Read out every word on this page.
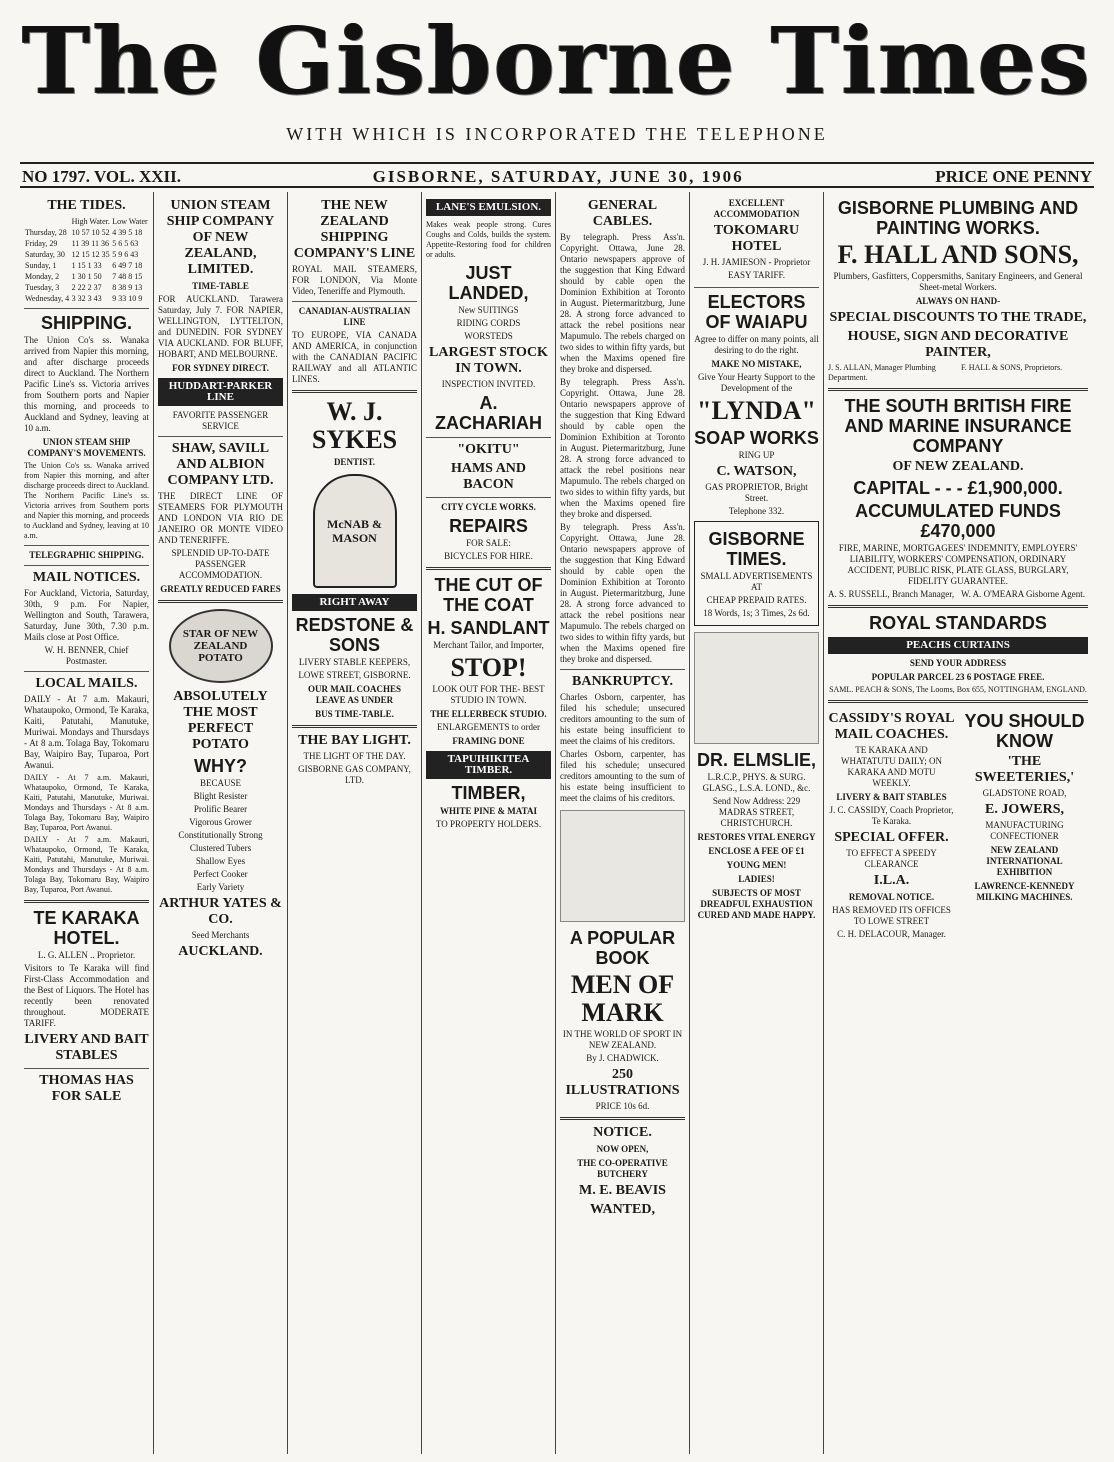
The Gisborne Times
WITH WHICH IS INCORPORATED THE TELEPHONE
NO 1797. VOL. XXII.	GISBORNE, SATURDAY, JUNE 30, 1906	PRICE ONE PENNY
THE TIDES.
	High Water.	Low Water
Thursday, 28	10 57 10 52	4 39 5 18
Friday, 29	11 39 11 36	5 6 5 63
Saturday, 30	12 15 12 35	5 9 6 43
Sunday, 1	1 15 1 33	6 49 7 18
Monday, 2	1 30 1 50	7 48 8 15
Tuesday, 3	2 22 2 37	8 38 9 13
Wednesday, 4	3 32 3 43	9 33 10 9
SHIPPING.
The Union Co's ss. Wanaka arrived from Napier this morning, and after discharge proceeds direct to Auckland. The Northern Pacific Line's ss. Victoria arrives from Southern ports and Napier this morning, and proceeds to Auckland and Sydney, leaving at 10 a.m.
UNION STEAM SHIP COMPANY'S MOVEMENTS.
The Union Co's ss. Wanaka arrived from Napier this morning, and after discharge proceeds direct to Auckland. The Northern Pacific Line's ss. Victoria arrives from Southern ports and Napier this morning, and proceeds to Auckland and Sydney, leaving at 10 a.m.
TELEGRAPHIC SHIPPING.
MAIL NOTICES.
For Auckland, Victoria, Saturday, 30th, 9 p.m. For Napier, Wellington and South, Tarawera, Saturday, June 30th, 7.30 p.m. Mails close at Post Office.
W. H. BENNER, Chief Postmaster.
LOCAL MAILS.
DAILY - At 7 a.m. Makauri, Whataupoko, Ormond, Te Karaka, Kaiti, Patutahi, Manutuke, Muriwai. Mondays and Thursdays - At 8 a.m. Tolaga Bay, Tokomaru Bay, Waipiro Bay, Tuparoa, Port Awanui.
DAILY - At 7 a.m. Makauri, Whataupoko, Ormond, Te Karaka, Kaiti, Patutahi, Manutuke, Muriwai. Mondays and Thursdays - At 8 a.m. Tolaga Bay, Tokomaru Bay, Waipiro Bay, Tuparoa, Port Awanui.
DAILY - At 7 a.m. Makauri, Whataupoko, Ormond, Te Karaka, Kaiti, Patutahi, Manutuke, Muriwai. Mondays and Thursdays - At 8 a.m. Tolaga Bay, Tokomaru Bay, Waipiro Bay, Tuparoa, Port Awanui.
TE KARAKA HOTEL.
L. G. ALLEN .. Proprietor.
Visitors to Te Karaka will find First-Class Accommodation and the Best of Liquors. The Hotel has recently been renovated throughout. MODERATE TARIFF.
LIVERY AND BAIT STABLES
THOMAS HAS FOR SALE
UNION STEAM SHIP COMPANY OF NEW ZEALAND, LIMITED.
TIME-TABLE
FOR AUCKLAND. Tarawera Saturday, July 7. FOR NAPIER, WELLINGTON, LYTTELTON, and DUNEDIN. FOR SYDNEY VIA AUCKLAND. FOR BLUFF, HOBART, AND MELBOURNE.
FOR SYDNEY DIRECT.
HUDDART-PARKER LINE
FAVORITE PASSENGER SERVICE
SHAW, SAVILL AND ALBION COMPANY LTD.
THE DIRECT LINE OF STEAMERS FOR PLYMOUTH AND LONDON VIA RIO DE JANEIRO OR MONTE VIDEO AND TENERIFFE.
SPLENDID UP-TO-DATE PASSENGER ACCOMMODATION.
GREATLY REDUCED FARES
STAR OF NEW ZEALAND POTATO
ABSOLUTELY THE MOST PERFECT POTATO
WHY?
BECAUSE
Blight Resister
Prolific Bearer
Vigorous Grower
Constitutionally Strong
Clustered Tubers
Shallow Eyes
Perfect Cooker
Early Variety
ARTHUR YATES & CO.
Seed Merchants
AUCKLAND.
THE NEW ZEALAND SHIPPING COMPANY'S LINE
ROYAL MAIL STEAMERS, FOR LONDON, Via Monte Video, Teneriffe and Plymouth.
CANADIAN-AUSTRALIAN LINE
TO EUROPE, VIA CANADA AND AMERICA, in conjunction with the CANADIAN PACIFIC RAILWAY and all ATLANTIC LINES.
W. J. SYKES
DENTIST.
McNAB & MASON
RIGHT AWAY
REDSTONE & SONS
LIVERY STABLE KEEPERS,
LOWE STREET, GISBORNE.
OUR MAIL COACHES LEAVE AS UNDER
BUS TIME-TABLE.
THE BAY LIGHT.
THE LIGHT OF THE DAY.
GISBORNE GAS COMPANY, LTD.
LANE'S EMULSION.
Makes weak people strong. Cures Coughs and Colds, builds the system. Appetite-Restoring food for children or adults.
JUST LANDED,
New SUITINGS
RIDING CORDS
WORSTEDS
LARGEST STOCK IN TOWN.
INSPECTION INVITED.
A. ZACHARIAH
"OKITU"
HAMS AND BACON
CITY CYCLE WORKS.
REPAIRS
FOR SALE:
BICYCLES FOR HIRE.
THE CUT OF THE COAT
H. SANDLANT
Merchant Tailor, and Importer,
STOP!
LOOK OUT FOR THE- BEST STUDIO IN TOWN.
THE ELLERBECK STUDIO.
ENLARGEMENTS to order
FRAMING DONE
TAPUIHIKITEA TIMBER.
TIMBER,
WHITE PINE & MATAI
TO PROPERTY HOLDERS.
GENERAL CABLES.
By telegraph. Press Ass'n. Copyright. Ottawa, June 28. Ontario newspapers approve of the suggestion that King Edward should by cable open the Dominion Exhibition at Toronto in August. Pietermaritzburg, June 28. A strong force advanced to attack the rebel positions near Mapumulo. The rebels charged on two sides to within fifty yards, but when the Maxims opened fire they broke and dispersed.
By telegraph. Press Ass'n. Copyright. Ottawa, June 28. Ontario newspapers approve of the suggestion that King Edward should by cable open the Dominion Exhibition at Toronto in August. Pietermaritzburg, June 28. A strong force advanced to attack the rebel positions near Mapumulo. The rebels charged on two sides to within fifty yards, but when the Maxims opened fire they broke and dispersed.
By telegraph. Press Ass'n. Copyright. Ottawa, June 28. Ontario newspapers approve of the suggestion that King Edward should by cable open the Dominion Exhibition at Toronto in August. Pietermaritzburg, June 28. A strong force advanced to attack the rebel positions near Mapumulo. The rebels charged on two sides to within fifty yards, but when the Maxims opened fire they broke and dispersed.
BANKRUPTCY.
Charles Osborn, carpenter, has filed his schedule; unsecured creditors amounting to the sum of his estate being insufficient to meet the claims of his creditors.
Charles Osborn, carpenter, has filed his schedule; unsecured creditors amounting to the sum of his estate being insufficient to meet the claims of his creditors.
A POPULAR BOOK
MEN OF MARK
IN THE WORLD OF SPORT IN NEW ZEALAND.
By J. CHADWICK.
250 ILLUSTRATIONS
PRICE 10s 6d.
NOTICE.
NOW OPEN,
THE CO-OPERATIVE BUTCHERY
M. E. BEAVIS
WANTED,
EXCELLENT ACCOMMODATION
TOKOMARU HOTEL
J. H. JAMIESON - Proprietor
EASY TARIFF.
ELECTORS OF WAIAPU
Agree to differ on many points, all desiring to do the right.
MAKE NO MISTAKE,
Give Your Hearty Support to the Development of the
"LYNDA"
SOAP WORKS
RING UP
C. WATSON,
GAS PROPRIETOR, Bright Street.
Telephone 332.
GISBORNE TIMES.
SMALL ADVERTISEMENTS AT
CHEAP PREPAID RATES.
18 Words, 1s; 3 Times, 2s 6d.
DR. ELMSLIE,
L.R.C.P., PHYS. & SURG. GLASG., L.S.A. LOND., &c.
Send Now Address: 229 MADRAS STREET, CHRISTCHURCH.
RESTORES VITAL ENERGY
ENCLOSE A FEE OF £1
YOUNG MEN!
LADIES!
SUBJECTS OF MOST DREADFUL EXHAUSTION CURED AND MADE HAPPY.
GISBORNE PLUMBING AND PAINTING WORKS.
F. HALL AND SONS,
Plumbers, Gasfitters, Coppersmiths, Sanitary Engineers, and General Sheet-metal Workers.
ALWAYS ON HAND-
SPECIAL DISCOUNTS TO THE TRADE,
HOUSE, SIGN AND DECORATIVE PAINTER,
J. S. ALLAN, Manager Plumbing Department.
F. HALL & SONS, Proprietors.
THE SOUTH BRITISH FIRE AND MARINE INSURANCE COMPANY
OF NEW ZEALAND.
CAPITAL - - - £1,900,000.
ACCUMULATED FUNDS £470,000
FIRE, MARINE, MORTGAGEES' INDEMNITY, EMPLOYERS' LIABILITY, WORKERS' COMPENSATION, ORDINARY ACCIDENT, PUBLIC RISK, PLATE GLASS, BURGLARY, FIDELITY GUARANTEE.
A. S. RUSSELL, Branch Manager, W. A. O'MEARA Gisborne Agent.
ROYAL STANDARDS
PEACHS CURTAINS
SEND YOUR ADDRESS
POPULAR PARCEL 23 6 POSTAGE FREE.
SAML. PEACH & SONS, The Looms, Box 655, NOTTINGHAM, ENGLAND.
CASSIDY'S ROYAL MAIL COACHES.
TE KARAKA AND WHATATUTU DAILY; ON KARAKA AND MOTU WEEKLY.
LIVERY & BAIT STABLES
J. C. CASSIDY, Coach Proprietor, Te Karaka.
SPECIAL OFFER.
TO EFFECT A SPEEDY CLEARANCE
I.L.A.
REMOVAL NOTICE.
HAS REMOVED ITS OFFICES TO LOWE STREET
C. H. DELACOUR, Manager.
YOU SHOULD KNOW
'THE SWEETERIES,'
GLADSTONE ROAD,
E. JOWERS,
MANUFACTURING CONFECTIONER
NEW ZEALAND INTERNATIONAL EXHIBITION
LAWRENCE-KENNEDY MILKING MACHINES.
